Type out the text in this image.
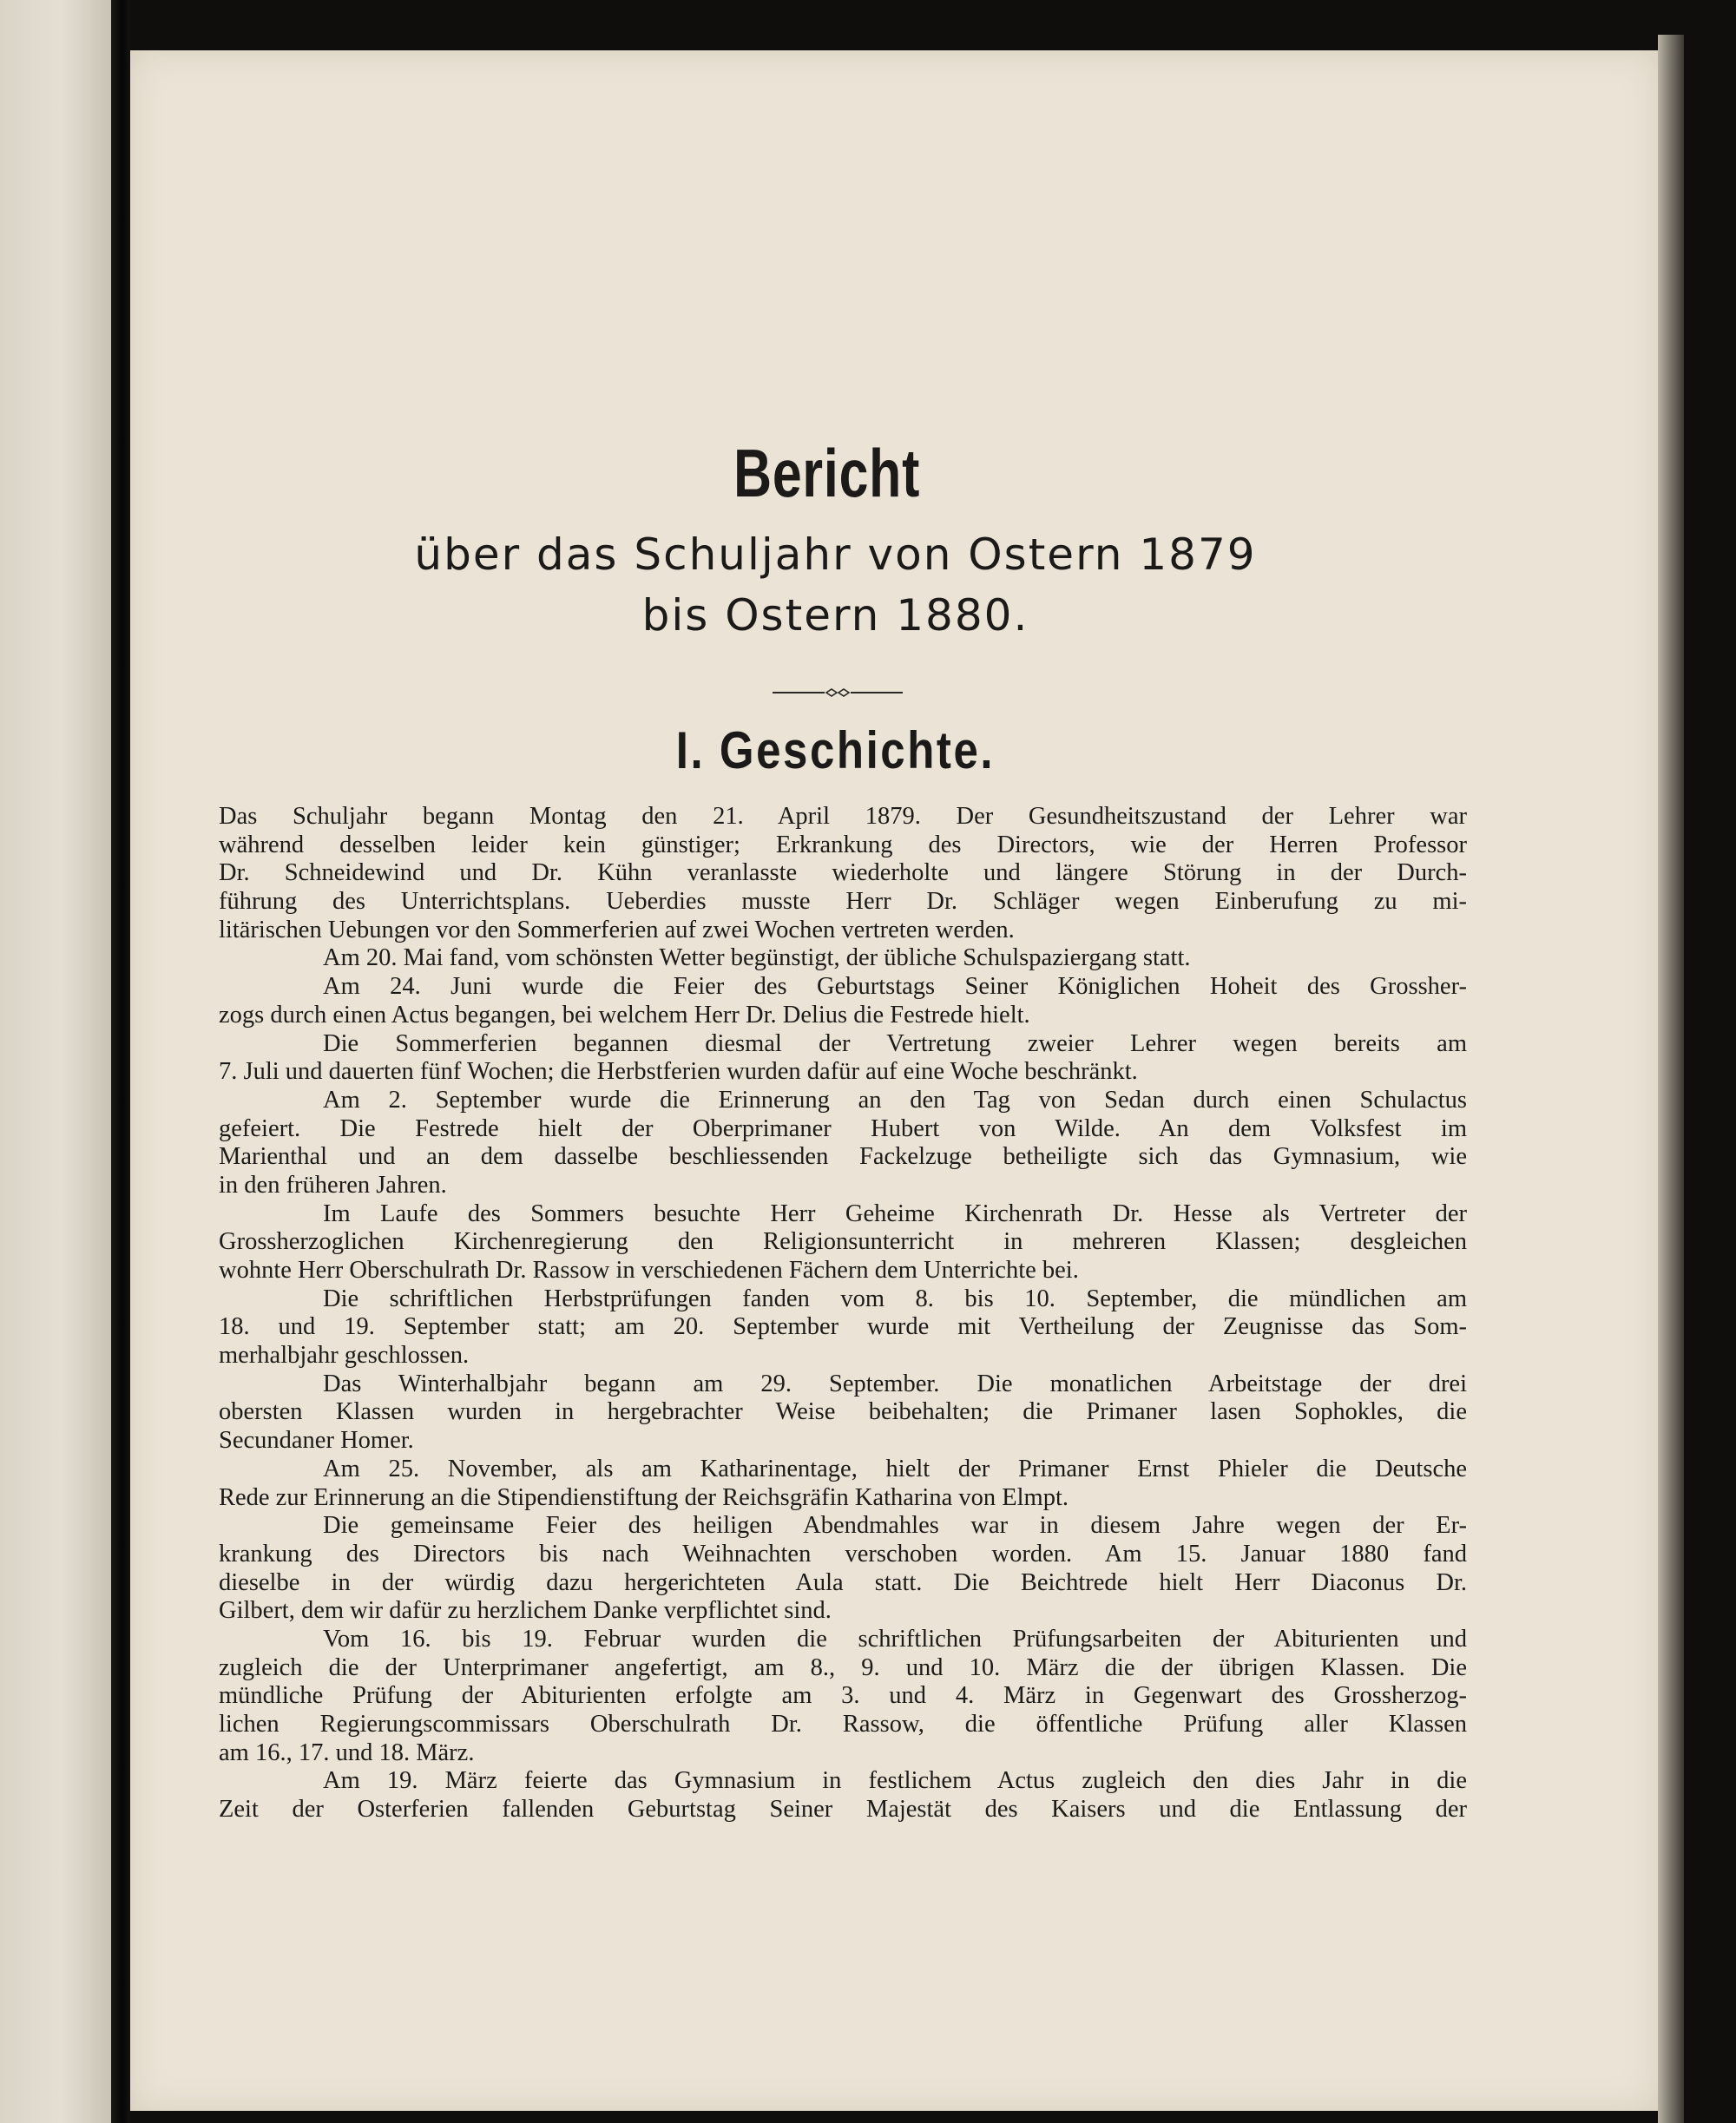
Bericht
über das Schuljahr von Ostern 1879
bis Ostern 1880.
I. Geschichte.
Das Schuljahr begann Montag den 21. April 1879. Der Gesundheitszustand der Lehrer war
während desselben leider kein günstiger; Erkrankung des Directors, wie der Herren Professor
Dr. Schneidewind und Dr. Kühn veranlasste wiederholte und längere Störung in der Durch-
führung des Unterrichtsplans. Ueberdies musste Herr Dr. Schläger wegen Einberufung zu mi-
litärischen Uebungen vor den Sommerferien auf zwei Wochen vertreten werden.
Am 20. Mai fand, vom schönsten Wetter begünstigt, der übliche Schulspaziergang statt.
Am 24. Juni wurde die Feier des Geburtstags Seiner Königlichen Hoheit des Grossher-
zogs durch einen Actus begangen, bei welchem Herr Dr. Delius die Festrede hielt.
Die Sommerferien begannen diesmal der Vertretung zweier Lehrer wegen bereits am
7. Juli und dauerten fünf Wochen; die Herbstferien wurden dafür auf eine Woche beschränkt.
Am 2. September wurde die Erinnerung an den Tag von Sedan durch einen Schulactus
gefeiert. Die Festrede hielt der Oberprimaner Hubert von Wilde. An dem Volksfest im
Marienthal und an dem dasselbe beschliessenden Fackelzuge betheiligte sich das Gymnasium, wie
in den früheren Jahren.
Im Laufe des Sommers besuchte Herr Geheime Kirchenrath Dr. Hesse als Vertreter der
Grossherzoglichen Kirchenregierung den Religionsunterricht in mehreren Klassen; desgleichen
wohnte Herr Oberschulrath Dr. Rassow in verschiedenen Fächern dem Unterrichte bei.
Die schriftlichen Herbstprüfungen fanden vom 8. bis 10. September, die mündlichen am
18. und 19. September statt; am 20. September wurde mit Vertheilung der Zeugnisse das Som-
merhalbjahr geschlossen.
Das Winterhalbjahr begann am 29. September. Die monatlichen Arbeitstage der drei
obersten Klassen wurden in hergebrachter Weise beibehalten; die Primaner lasen Sophokles, die
Secundaner Homer.
Am 25. November, als am Katharinentage, hielt der Primaner Ernst Phieler die Deutsche
Rede zur Erinnerung an die Stipendienstiftung der Reichsgräfin Katharina von Elmpt.
Die gemeinsame Feier des heiligen Abendmahles war in diesem Jahre wegen der Er-
krankung des Directors bis nach Weihnachten verschoben worden. Am 15. Januar 1880 fand
dieselbe in der würdig dazu hergerichteten Aula statt. Die Beichtrede hielt Herr Diaconus Dr.
Gilbert, dem wir dafür zu herzlichem Danke verpflichtet sind.
Vom 16. bis 19. Februar wurden die schriftlichen Prüfungsarbeiten der Abiturienten und
zugleich die der Unterprimaner angefertigt, am 8., 9. und 10. März die der übrigen Klassen. Die
mündliche Prüfung der Abiturienten erfolgte am 3. und 4. März in Gegenwart des Grossherzog-
lichen Regierungscommissars Oberschulrath Dr. Rassow, die öffentliche Prüfung aller Klassen
am 16., 17. und 18. März.
Am 19. März feierte das Gymnasium in festlichem Actus zugleich den dies Jahr in die
Zeit der Osterferien fallenden Geburtstag Seiner Majestät des Kaisers und die Entlassung der
